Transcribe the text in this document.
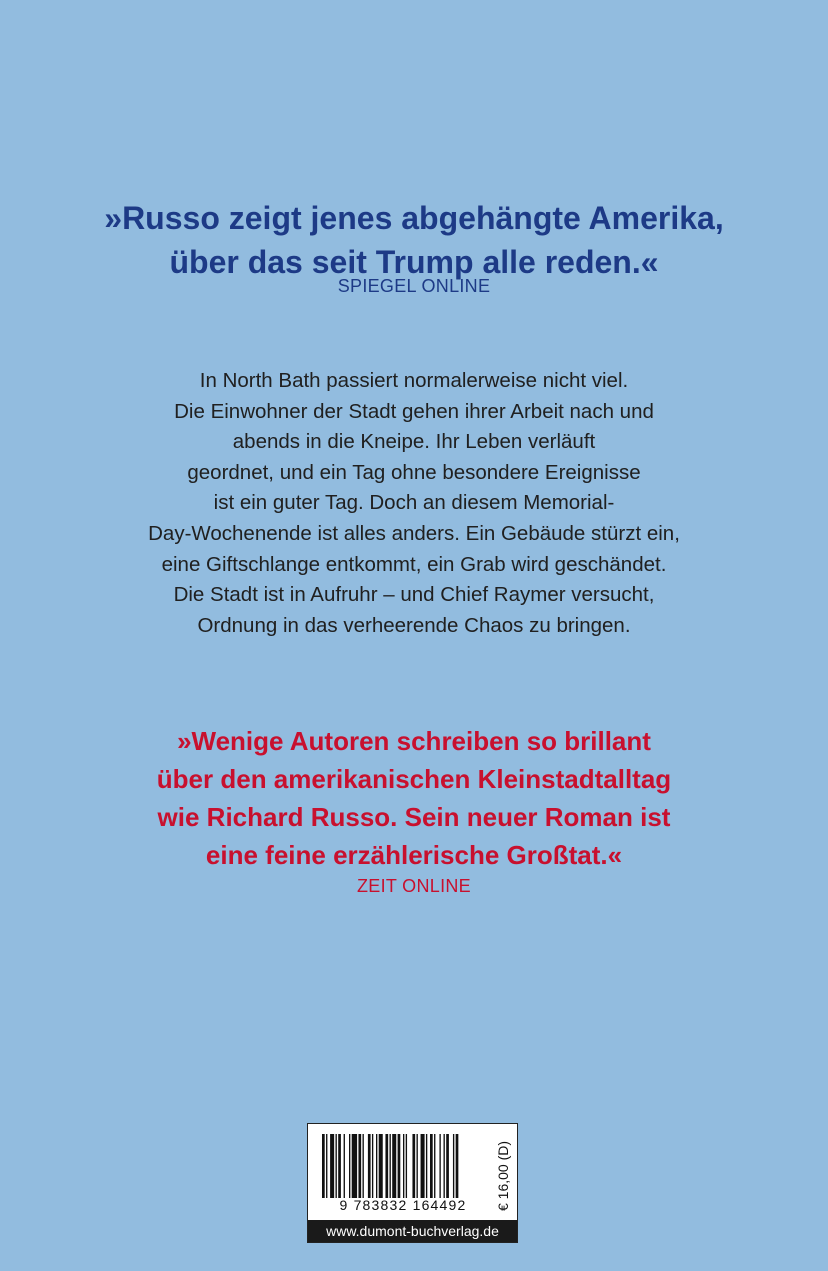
»Russo zeigt jenes abgehängte Amerika,
über das seit Trump alle reden.«
SPIEGEL ONLINE
In North Bath passiert normalerweise nicht viel.
Die Einwohner der Stadt gehen ihrer Arbeit nach und
abends in die Kneipe. Ihr Leben verläuft
geordnet, und ein Tag ohne besondere Ereignisse
ist ein guter Tag. Doch an diesem Memorial-
Day-Wochenende ist alles anders. Ein Gebäude stürzt ein,
eine Giftschlange entkommt, ein Grab wird geschändet.
Die Stadt ist in Aufruhr – und Chief Raymer versucht,
Ordnung in das verheerende Chaos zu bringen.
»Wenige Autoren schreiben so brillant
über den amerikanischen Kleinstadtalltag
wie Richard Russo. Sein neuer Roman ist
eine feine erzählerische Großtat.«
ZEIT ONLINE
9 783832 164492	€ 16,00 (D)
www.dumont-buchverlag.de
